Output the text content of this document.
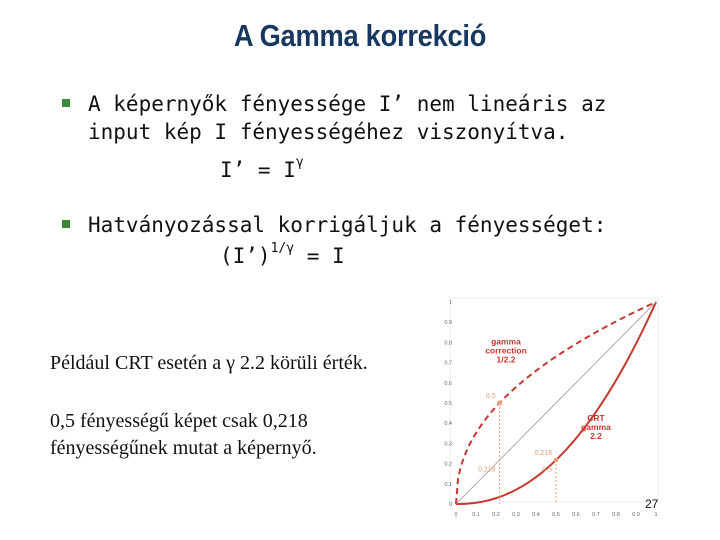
A Gamma korrekció
A képernyők fényessége I’ nem lineáris az
input kép I fényességéhez viszonyítva.
I’ = $I^\gamma$
Hatványozással korrigáljuk a fényességet:
(I’)$^{1/\gamma}$ = I
0
0.1
0.2
0.3
0.4
0.5
0.6
0.7
0.8
0.9
1
0	0.1 0.2 0.3 0.4 0.5 0.6 0.7 0.8 0.9	1
0.5
0.218
0.218
0.5
gamma correction 1/2.2
CRT gamma 2.2
Például CRT esetén a γ 2.2 körüli érték.
0,5 fényességű képet csak 0,218
fényességűnek mutat a képernyő.
27
